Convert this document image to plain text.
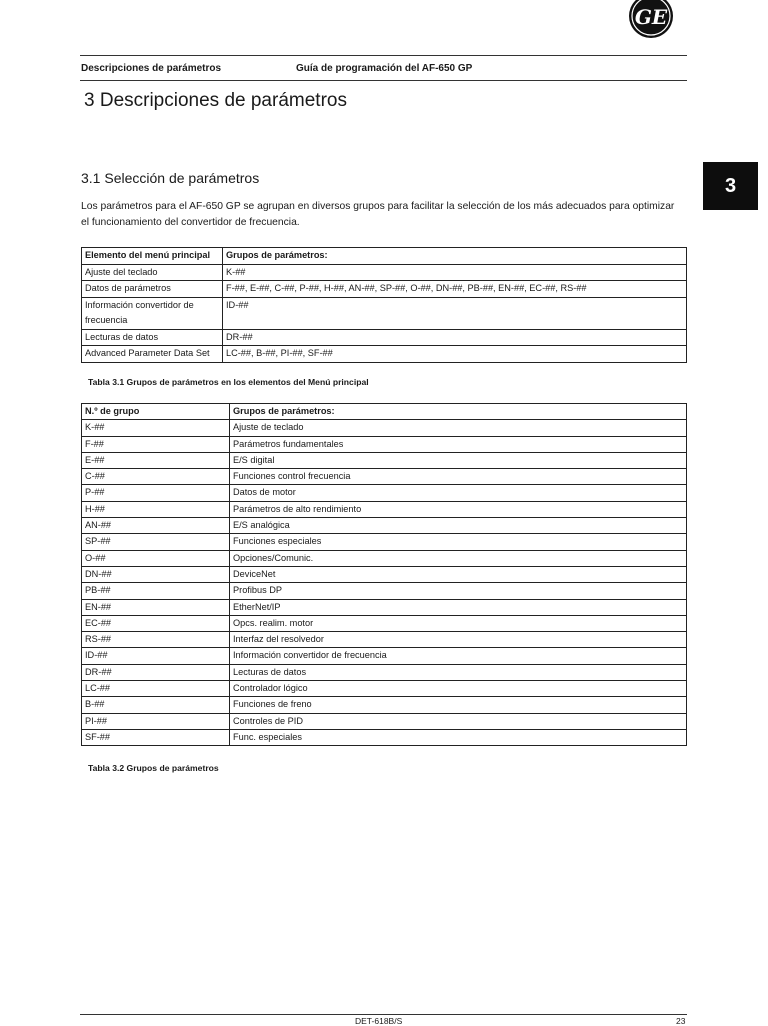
GE
Descripciones de parámetros	Guía de programación del AF-650 GP
3 Descripciones de parámetros
3
3.1 Selección de parámetros
Los parámetros para el AF-650 GP se agrupan en diversos grupos para facilitar la selección de los más adecuados para optimizar el funcionamiento del convertidor de frecuencia.
Elemento del menú principal	Grupos de parámetros:
Ajuste del teclado	K-##
Datos de parámetros	F-##, E-##, C-##, P-##, H-##, AN-##, SP-##, O-##, DN-##, PB-##, EN-##, EC-##, RS-##
Información convertidor de frecuencia	ID-##
Lecturas de datos	DR-##
Advanced Parameter Data Set	LC-##, B-##, PI-##, SF-##
Tabla 3.1 Grupos de parámetros en los elementos del Menú principal
N.º de grupo	Grupos de parámetros:
K-##	Ajuste de teclado
F-##	Parámetros fundamentales
E-##	E/S digital
C-##	Funciones control frecuencia
P-##	Datos de motor
H-##	Parámetros de alto rendimiento
AN-##	E/S analógica
SP-##	Funciones especiales
O-##	Opciones/Comunic.
DN-##	DeviceNet
PB-##	Profibus DP
EN-##	EtherNet/IP
EC-##	Opcs. realim. motor
RS-##	Interfaz del resolvedor
ID-##	Información convertidor de frecuencia
DR-##	Lecturas de datos
LC-##	Controlador lógico
B-##	Funciones de freno
PI-##	Controles de PID
SF-##	Func. especiales
Tabla 3.2 Grupos de parámetros
DET-618B/S	23
